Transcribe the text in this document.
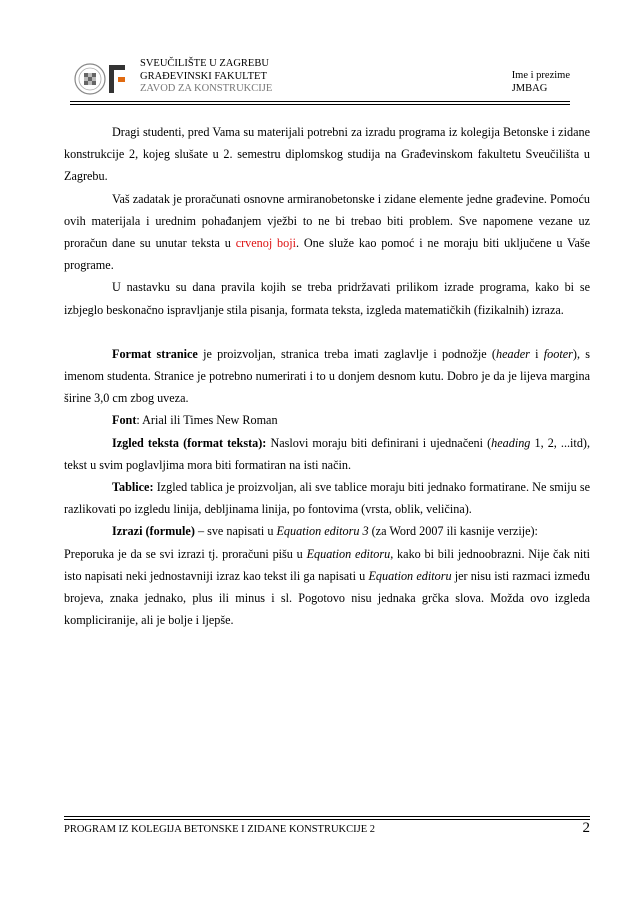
SVEUČILIŠTE U ZAGREBU
GRAĐEVINSKI FAKULTET
ZAVOD ZA KONSTRUKCIJE
Ime i prezime
JMBAG

Dragi studenti, pred Vama su materijali potrebni za izradu programa iz kolegija Betonske i zidane konstrukcije 2, kojeg slušate u 2. semestru diplomskog studija na Građevinskom fakultetu Sveučilišta u Zagrebu.

Vaš zadatak je proračunati osnovne armiranobetonske i zidane elemente jedne građevine. Pomoću ovih materijala i urednim pohađanjem vježbi to ne bi trebao biti problem. Sve napomene vezane uz proračun dane su unutar teksta u crvenoj boji. One služe kao pomoć i ne moraju biti uključene u Vaše programe.

U nastavku su dana pravila kojih se treba pridržavati prilikom izrade programa, kako bi se izbjeglo beskonačno ispravljanje stila pisanja, formata teksta, izgleda matematičkih (fizikalnih) izraza.

Format stranice je proizvoljan, stranica treba imati zaglavlje i podnožje (header i footer), s imenom studenta. Stranice je potrebno numerirati i to u donjem desnom kutu. Dobro je da je lijeva margina širine 3,0 cm zbog uveza.

Font: Arial ili Times New Roman

Izgled teksta (format teksta): Naslovi moraju biti definirani i ujednačeni (heading 1, 2, ...itd), tekst u svim poglavljima mora biti formatiran na isti način.

Tablice: Izgled tablica je proizvoljan, ali sve tablice moraju biti jednako formatirane. Ne smiju se razlikovati po izgledu linija, debljinama linija, po fontovima (vrsta, oblik, veličina).

Izrazi (formule) – sve napisati u Equation editoru 3 (za Word 2007 ili kasnije verzije):

Preporuka je da se svi izrazi tj. proračuni pišu u Equation editoru, kako bi bili jednoobrazni. Nije čak niti isto napisati neki jednostavniji izraz kao tekst ili ga napisati u Equation editoru jer nisu isti razmaci između brojeva, znaka jednako, plus ili minus i sl. Pogotovo nisu jednaka grčka slova. Možda ovo izgleda kompliciranije, ali je bolje i ljepše.

PROGRAM IZ KOLEGIJA BETONSKE I ZIDANE KONSTRUKCIJE 2	2
